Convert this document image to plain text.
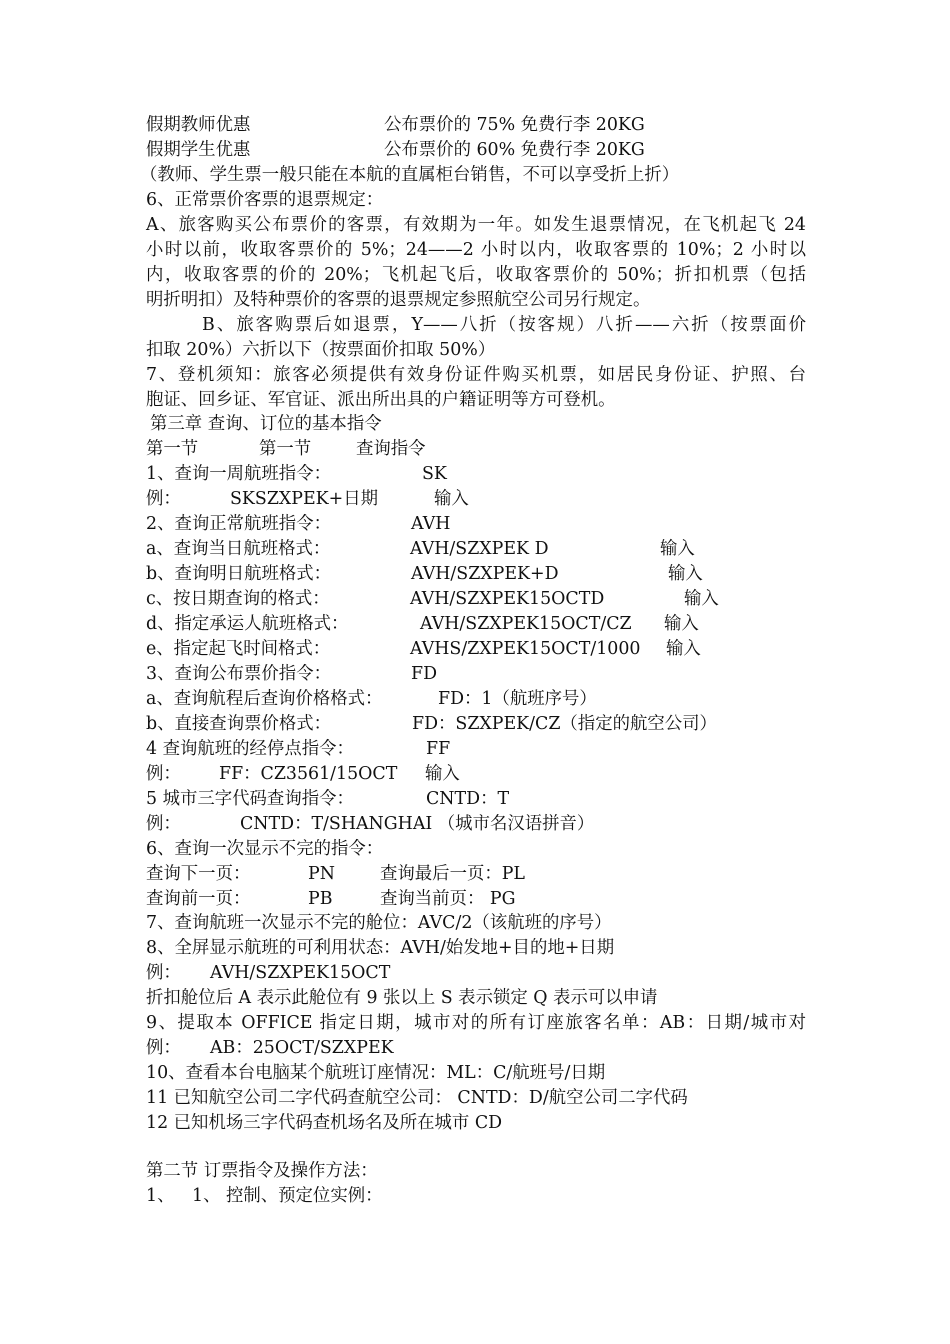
假期教师优惠	公布票价的 75% 免费行李 20KG
假期学生优惠	公布票价的 60% 免费行李 20KG
（教师、学生票一般只能在本航的直属柜台销售，不可以享受折上折）
6、正常票价客票的退票规定：
A、旅客购买公布票价的客票，有效期为一年。如发生退票情况，在飞机起飞 24
小时以前，收取客票价的 5%；24——2 小时以内，收取客票的 10%；2 小时以
内，收取客票的价的 20%；飞机起飞后，收取客票价的 50%；折扣机票（包括
明折明扣）及特种票价的客票的退票规定参照航空公司另行规定。
B、旅客购票后如退票，Y——八折（按客规）八折——六折（按票面价
扣取 20%）六折以下（按票面价扣取 50%）
7、登机须知：旅客必须提供有效身份证件购买机票，如居民身份证、护照、台
胞证、回乡证、军官证、派出所出具的户籍证明等方可登机。
第三章 查询、订位的基本指令
第一节	第一节	查询指令
1、查询一周航班指令：	SK
例：	SKSZXPEK+日期	输入
2、查询正常航班指令：	AVH
a、查询当日航班格式：	AVH/SZXPEK D	输入
b、查询明日航班格式：	AVH/SZXPEK+D	输入
c、按日期查询的格式：	AVH/SZXPEK15OCTD	输入
d、指定承运人航班格式：	AVH/SZXPEK15OCT/CZ 输入
e、指定起飞时间格式：	AVHS/ZXPEK15OCT/1000 输入
3、查询公布票价指令：	FD
a、查询航程后查询价格格式：	FD：1（航班序号）
b、直接查询票价格式：	FD：SZXPEK/CZ（指定的航空公司）
4 查询航班的经停点指令：	FF
例： FF：CZ3561/15OCT 输入
5 城市三字代码查询指令：	CNTD：T
例：	CNTD：T/SHANGHAI （城市名汉语拼音）
6、查询一次显示不完的指令：
查询下一页：	PN	查询最后一页：PL
查询前一页：	PB	查询当前页： PG
7、查询航班一次显示不完的舱位：AVC/2（该航班的序号）
8、全屏显示航班的可利用状态：AVH/始发地+目的地+日期
例： AVH/SZXPEK15OCT
折扣舱位后 A 表示此舱位有 9 张以上 S 表示锁定 Q 表示可以申请
9、提取本 OFFICE 指定日期，城市对的所有订座旅客名单：AB：日期/城市对
例： AB：25OCT/SZXPEK
10、查看本台电脑某个航班订座情况：ML：C/航班号/日期
11 已知航空公司二字代码查航空公司： CNTD：D/航空公司二字代码
12 已知机场三字代码查机场名及所在城市 CD
第二节 订票指令及操作方法：
1、 1、 控制、预定位实例：
